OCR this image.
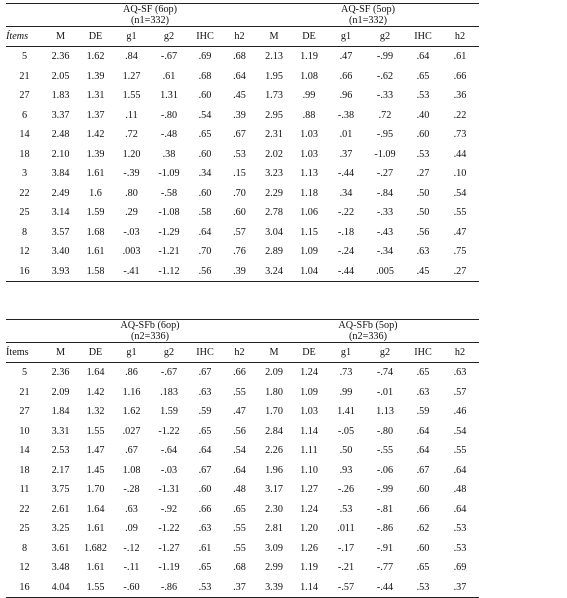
	AQ-SF (6op)
(n1=332)						AQ-SF (5op)
(n1=332)					

Ítems	M	DE	g1	g2	IHC	h2	M	DE	g1	g2	IHC	h2
5	2.36	1.62	.84	-.67	.69	.68	2.13	1.19	.47	-.99	.64	.61
21	2.05	1.39	1.27	.61	.68	.64	1.95	1.08	.66	-.62	.65	.66
27	1.83	1.31	1.55	1.31	.60	.45	1.73	.99	.96	-.33	.53	.36
6	3.37	1.37	.11	-.80	.54	.39	2.95	.88	-.38	.72	.40	.22
14	2.48	1.42	.72	-.48	.65	.67	2.31	1.03	.01	-.95	.60	.73
18	2.10	1.39	1.20	.38	.60	.53	2.02	1.03	.37	-1.09	.53	.44
3	3.84	1.61	-.39	-1.09	.34	.15	3.23	1.13	-.44	-.27	.27	.10
22	2.49	1.6	.80	-.58	.60	.70	2.29	1.18	.34	-.84	.50	.54
25	3.14	1.59	.29	-1.08	.58	.60	2.78	1.06	-.22	-.33	.50	.55
8	3.57	1.68	-.03	-1.29	.64	.57	3.04	1.15	-.18	-.43	.56	.47
12	3.40	1.61	.003	-1.21	.70	.76	2.89	1.09	-.24	-.34	.63	.75
16	3.93	1.58	-.41	-1.12	.56	.39	3.24	1.04	-.44	.005	.45	.27

	AQ-SFb (6op)
(n2=336)						AQ-SFb (5op)
(n2=336)					

Ítems	M	DE	g1	g2	IHC	h2	M	DE	g1	g2	IHC	h2
5	2.36	1.64	.86	-.67	.67	.66	2.09	1.24	.73	-.74	.65	.63
21	2.09	1.42	1.16	.183	.63	.55	1.80	1.09	.99	-.01	.63	.57
27	1.84	1.32	1.62	1.59	.59	.47	1.70	1.03	1.41	1.13	.59	.46
10	3.31	1.55	.027	-1.22	.65	.56	2.84	1.14	-.05	-.80	.64	.54
14	2.53	1.47	.67	-.64	.64	.54	2.26	1.11	.50	-.55	.64	.55
18	2.17	1.45	1.08	-.03	.67	.64	1.96	1.10	.93	-.06	.67	.64
11	3.75	1.70	-.28	-1.31	.60	.48	3.17	1.27	-.26	-.99	.60	.48
22	2.61	1.64	.63	-.92	.66	.65	2.30	1.24	.53	-.81	.66	.64
25	3.25	1.61	.09	-1.22	.63	.55	2.81	1.20	.011	-.86	.62	.53
8	3.61	1.682	-.12	-1.27	.61	.55	3.09	1.26	-.17	-.91	.60	.53
12	3.48	1.61	-.11	-1.19	.65	.68	2.99	1.19	-.21	-.77	.65	.69
16	4.04	1.55	-.60	-.86	.53	.37	3.39	1.14	-.57	-.44	.53	.37
